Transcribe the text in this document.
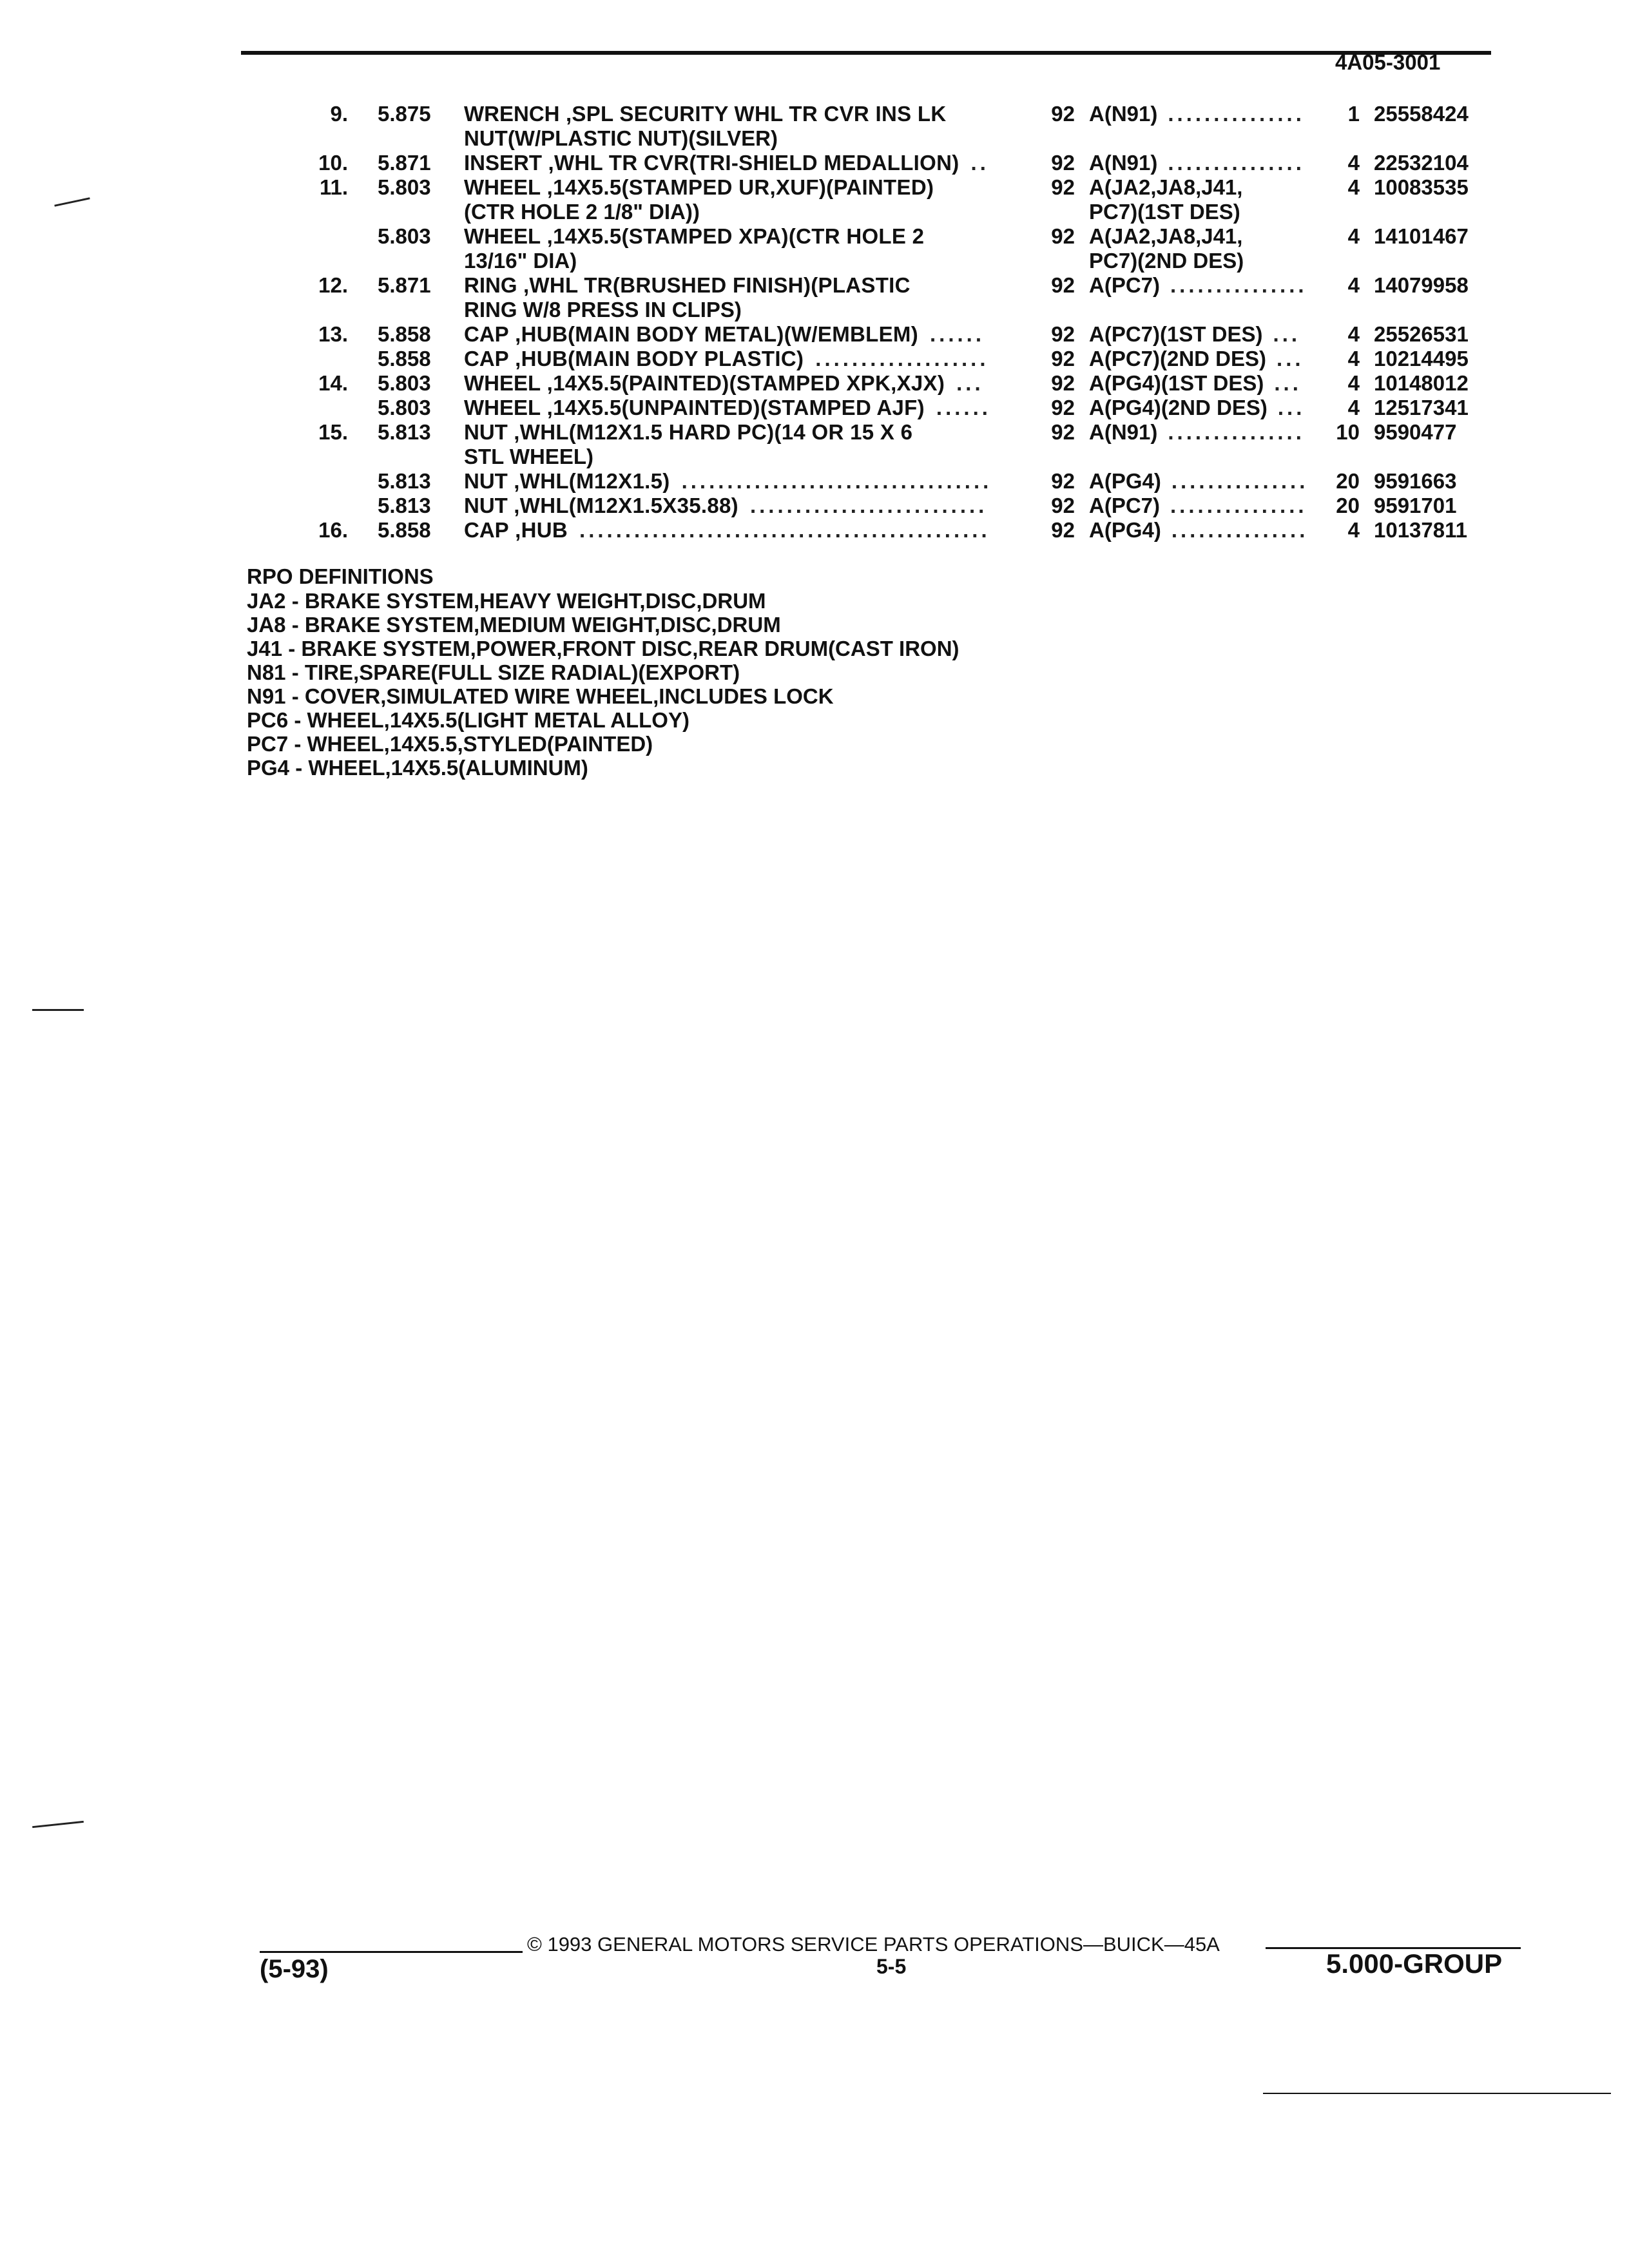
4A05-3001
9. 5.875 WRENCH ,SPL SECURITY WHL TR CVR INS LK	92 A(N91)	1 25558424
...............
NUT(W/PLASTIC NUT)(SILVER)
10. 5.871 INSERT ,WHL TR CVR(TRI-SHIELD MEDALLION)	92 A(N91)	4 22532104
..	...............
11. 5.803 WHEEL ,14X5.5(STAMPED UR,XUF)(PAINTED)	92 A(JA2,JA8,J41,	4 10083535
(CTR HOLE 2 1/8" DIA))	PC7)(1ST DES)
5.803 WHEEL ,14X5.5(STAMPED XPA)(CTR HOLE 2	92 A(JA2,JA8,J41,	4 14101467
13/16" DIA)	PC7)(2ND DES)
12. 5.871 RING ,WHL TR(BRUSHED FINISH)(PLASTIC	92 A(PC7)	4 14079958
...............
RING W/8 PRESS IN CLIPS)
13. 5.858 CAP ,HUB(MAIN BODY METAL)(W/EMBLEM)	92 A(PC7)(1ST DES)	4 25526531
......	...
5.858 CAP ,HUB(MAIN BODY PLASTIC)	92 A(PC7)(2ND DES)	4 10214495
...................	...
14. 5.803 WHEEL ,14X5.5(PAINTED)(STAMPED XPK,XJX)	92 A(PG4)(1ST DES)	4 10148012
...	...
5.803 WHEEL ,14X5.5(UNPAINTED)(STAMPED AJF)	92 A(PG4)(2ND DES)	4 12517341
......	...
15. 5.813 NUT ,WHL(M12X1.5 HARD PC)(14 OR 15 X 6	92 A(N91)	10 9590477
...............
STL WHEEL)
5.813 NUT ,WHL(M12X1.5)	92 A(PG4)	20 9591663
..................................	...............
5.813 NUT ,WHL(M12X1.5X35.88)	92 A(PC7)	20 9591701
..........................	...............
16. 5.858 CAP ,HUB	92 A(PG4)	4 10137811
.............................................	...............
RPO DEFINITIONS
JA2 - BRAKE SYSTEM,HEAVY WEIGHT,DISC,DRUM
JA8 - BRAKE SYSTEM,MEDIUM WEIGHT,DISC,DRUM
J41 - BRAKE SYSTEM,POWER,FRONT DISC,REAR DRUM(CAST IRON)
N81 - TIRE,SPARE(FULL SIZE RADIAL)(EXPORT)
N91 - COVER,SIMULATED WIRE WHEEL,INCLUDES LOCK
PC6 - WHEEL,14X5.5(LIGHT METAL ALLOY)
PC7 - WHEEL,14X5.5,STYLED(PAINTED)
PG4 - WHEEL,14X5.5(ALUMINUM)
© 1993 GENERAL MOTORS SERVICE PARTS OPERATIONS—BUICK—45A
(5-93)	5-5	5.000-GROUP
